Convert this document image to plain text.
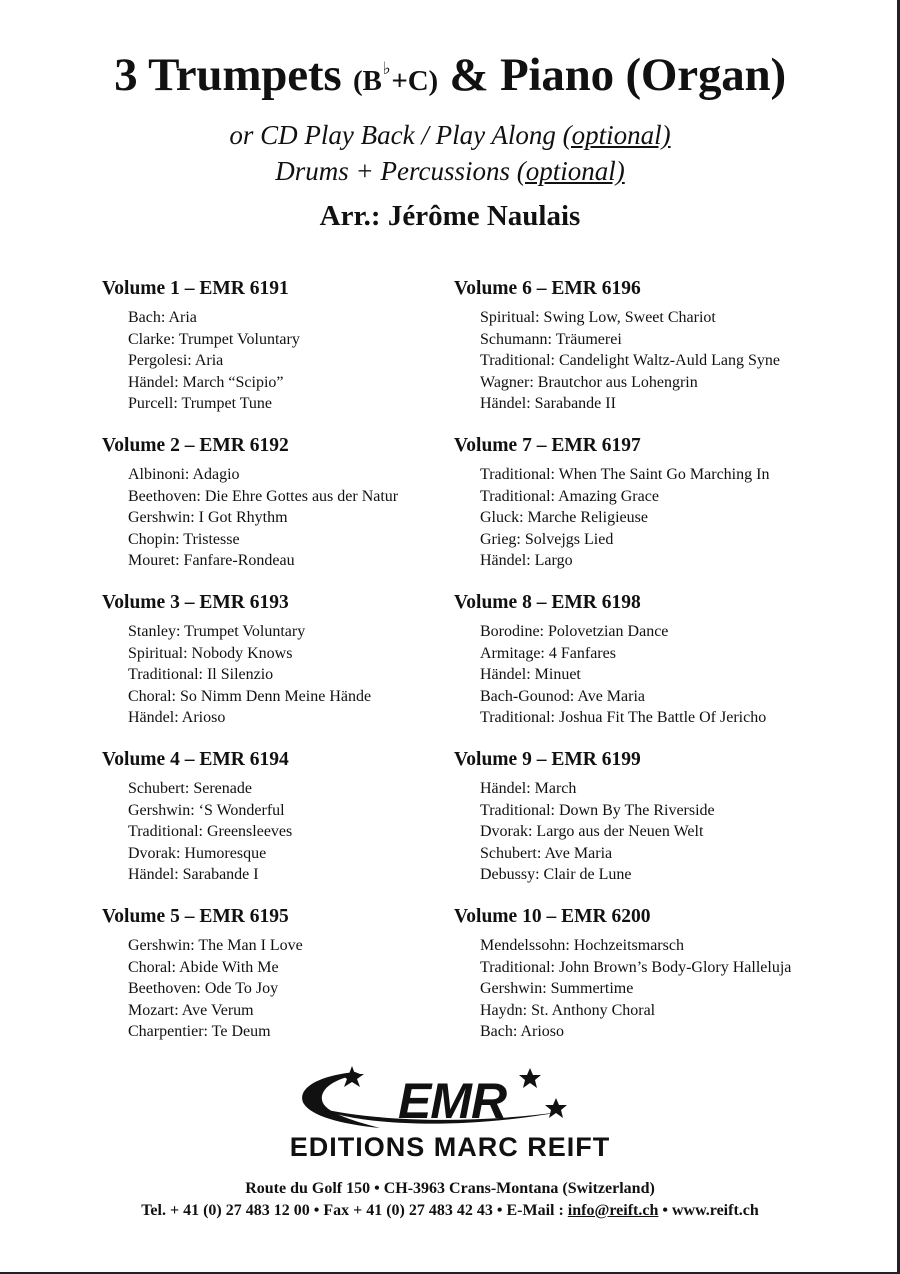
3 Trumpets (B♭+C) & Piano (Organ)
or CD Play Back / Play Along (optional)
Drums + Percussions (optional)
Arr.: Jérôme Naulais
Volume 1 – EMR 6191
Bach: Aria
Clarke: Trumpet Voluntary
Pergolesi: Aria
Händel: March “Scipio”
Purcell: Trumpet Tune
Volume 2 – EMR 6192
Albinoni: Adagio
Beethoven: Die Ehre Gottes aus der Natur
Gershwin: I Got Rhythm
Chopin: Tristesse
Mouret: Fanfare-Rondeau
Volume 3 – EMR 6193
Stanley: Trumpet Voluntary
Spiritual: Nobody Knows
Traditional: Il Silenzio
Choral: So Nimm Denn Meine Hände
Händel: Arioso
Volume 4 – EMR 6194
Schubert: Serenade
Gershwin: ‘S Wonderful
Traditional: Greensleeves
Dvorak: Humoresque
Händel: Sarabande I
Volume 5 – EMR 6195
Gershwin: The Man I Love
Choral: Abide With Me
Beethoven: Ode To Joy
Mozart: Ave Verum
Charpentier: Te Deum
Volume 6 – EMR 6196
Spiritual: Swing Low, Sweet Chariot
Schumann: Träumerei
Traditional: Candelight Waltz-Auld Lang Syne
Wagner: Brautchor aus Lohengrin
Händel: Sarabande II
Volume 7 – EMR 6197
Traditional: When The Saint Go Marching In
Traditional: Amazing Grace
Gluck: Marche Religieuse
Grieg: Solvejgs Lied
Händel: Largo
Volume 8 – EMR 6198
Borodine: Polovetzian Dance
Armitage: 4 Fanfares
Händel: Minuet
Bach-Gounod: Ave Maria
Traditional: Joshua Fit The Battle Of Jericho
Volume 9 – EMR 6199
Händel: March
Traditional: Down By The Riverside
Dvorak: Largo aus der Neuen Welt
Schubert: Ave Maria
Debussy: Clair de Lune
Volume 10 – EMR 6200
Mendelssohn: Hochzeitsmarsch
Traditional: John Brown’s Body-Glory Halleluja
Gershwin: Summertime
Haydn: St. Anthony Choral
Bach: Arioso
EMR
EDITIONS MARC REIFT
Route du Golf 150 • CH-3963 Crans-Montana (Switzerland)
Tel. + 41 (0) 27 483 12 00 • Fax + 41 (0) 27 483 42 43 • E-Mail : info@reift.ch • www.reift.ch
